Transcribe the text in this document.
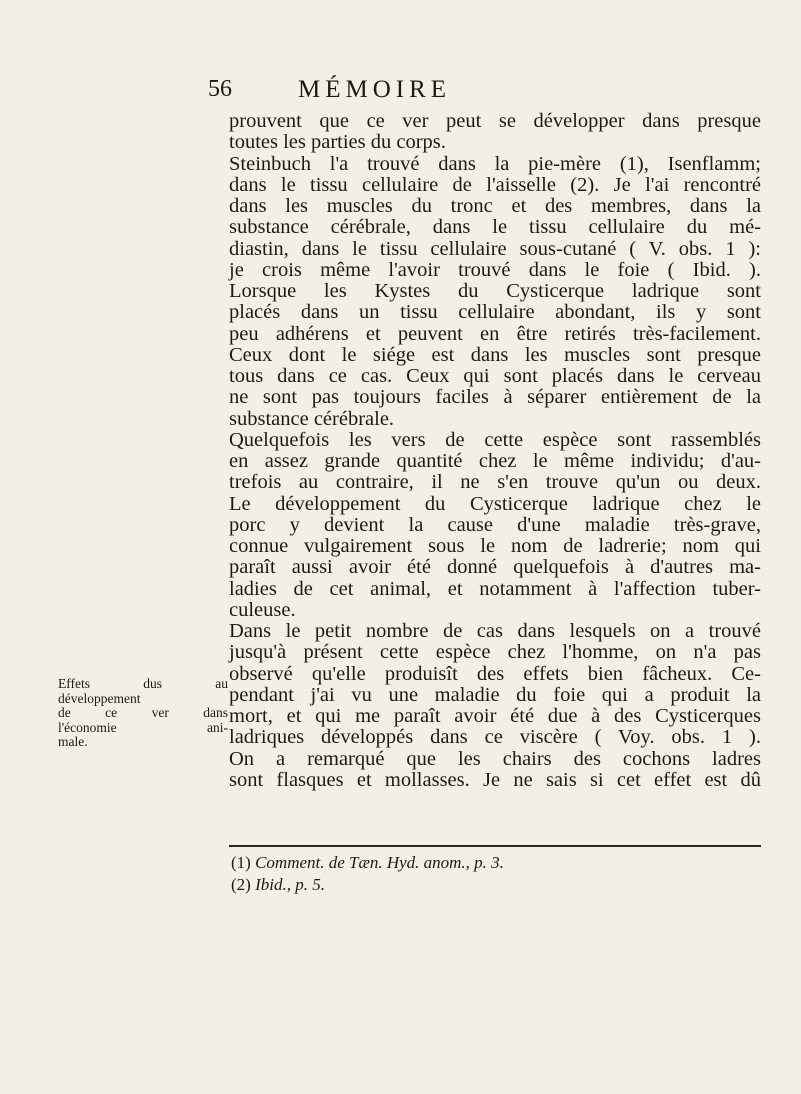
56	MÉMOIRE
prouvent que ce ver peut se développer dans presque
toutes les parties du corps.
Steinbuch l'a trouvé dans la pie-mère (1), Isenflamm;
dans le tissu cellulaire de l'aisselle (2). Je l'ai rencontré
dans les muscles du tronc et des membres, dans la
substance cérébrale, dans le tissu cellulaire du mé-
diastin, dans le tissu cellulaire sous-cutané ( V. obs. 1 ):
je crois même l'avoir trouvé dans le foie ( Ibid. ).
Lorsque les Kystes du Cysticerque ladrique sont
placés dans un tissu cellulaire abondant, ils y sont
peu adhérens et peuvent en être retirés très-facilement.
Ceux dont le siége est dans les muscles sont presque
tous dans ce cas. Ceux qui sont placés dans le cerveau
ne sont pas toujours faciles à séparer entièrement de la
substance cérébrale.
Quelquefois les vers de cette espèce sont rassemblés
en assez grande quantité chez le même individu; d'au-
trefois au contraire, il ne s'en trouve qu'un ou deux.
Le développement du Cysticerque ladrique chez le
porc y devient la cause d'une maladie très-grave,
connue vulgairement sous le nom de ladrerie; nom qui
paraît aussi avoir été donné quelquefois à d'autres ma-
ladies de cet animal, et notamment à l'affection tuber-
culeuse.
Dans le petit nombre de cas dans lesquels on a trouvé
jusqu'à présent cette espèce chez l'homme, on n'a pas
observé qu'elle produisît des effets bien fâcheux. Ce-
pendant j'ai vu une maladie du foie qui a produit la
mort, et qui me paraît avoir été due à des Cysticerques
ladriques développés dans ce viscère ( Voy. obs. 1 ).
On a remarqué que les chairs des cochons ladres
sont flasques et mollasses. Je ne sais si cet effet est dû
Effets dus au
développement
de ce ver dans
l'économie ani-
male.
(1) Comment. de Tæn. Hyd. anom., p. 3.
(2) Ibid., p. 5.
